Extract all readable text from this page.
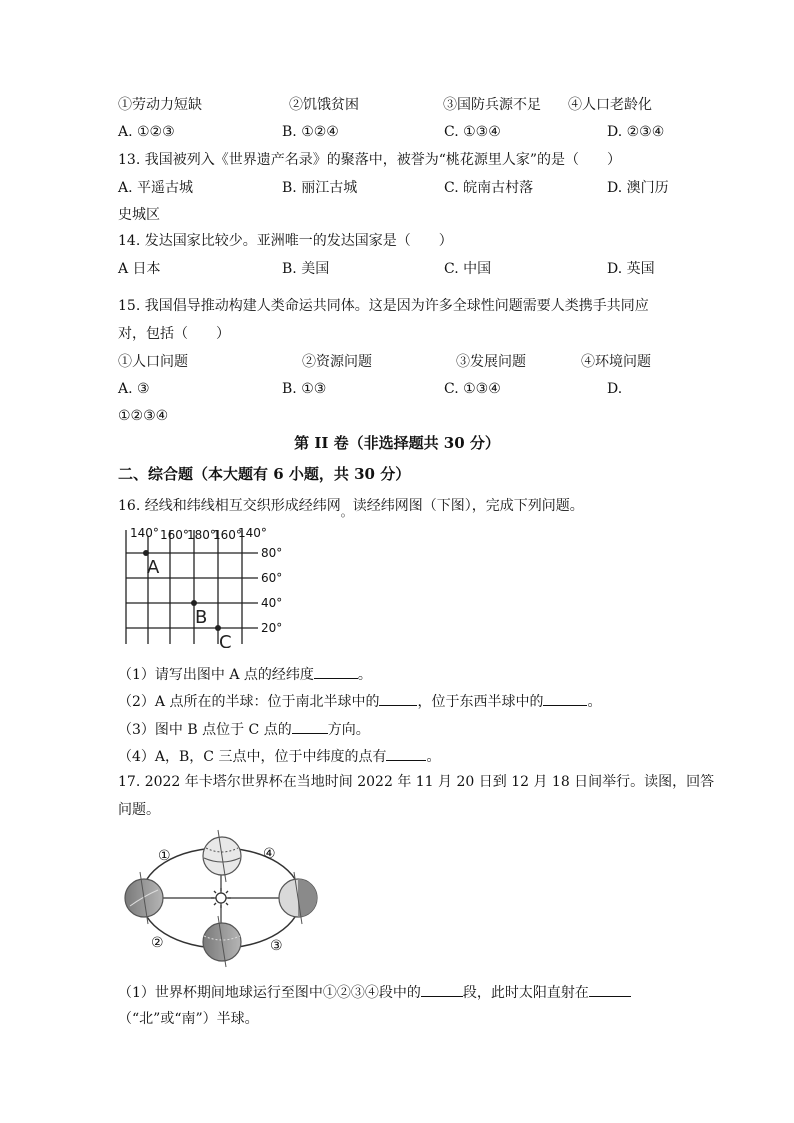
①劳动力短缺	②饥饿贫困	③国防兵源不足 ④人口老龄化
A. ①②③	B. ①②④	C. ①③④	D. ②③④
13. 我国被列入《世界遗产名录》的聚落中，被誉为“桃花源里人家”的是（　　）
A. 平遥古城	B. 丽江古城	C. 皖南古村落	D. 澳门历
史城区
14. 发达国家比较少。亚洲唯一的发达国家是（　　）
A 日本	B. 美国	C. 中国	D. 英国
15. 我国倡导推动构建人类命运共同体。这是因为许多全球性问题需要人类携手共同应
对，包括（　　）
①人口问题	②资源问题	③发展问题	④环境问题
A. ③	B. ①③	C. ①③④	D.
①②③④
第 II 卷（非选择题共 30 分）
二、综合题（本大题有 6 小题，共 30 分）
16. 经线和纬线相互交织形成经纬网。读经纬网图（下图），完成下列问题。
140° 160°
180°
160°
140°
80°
60°
40°
20°
A
B
C
（1）请写出图中 A 点的经纬度	。
（2）A 点所在的半球：位于南北半球中的	，位于东西半球中的	。
（3）图中 B 点位于 C 点的	方向。
（4）A，B，C 三点中，位于中纬度的点有	。
17. 2022 年卡塔尔世界杯在当地时间 2022 年 11 月 20 日到 12 月 18 日间举行。读图，回答
问题。
①
②	③
④
（1）世界杯期间地球运行至图中①②③④段中的	段，此时太阳直射在
（“北”或“南”）半球。
